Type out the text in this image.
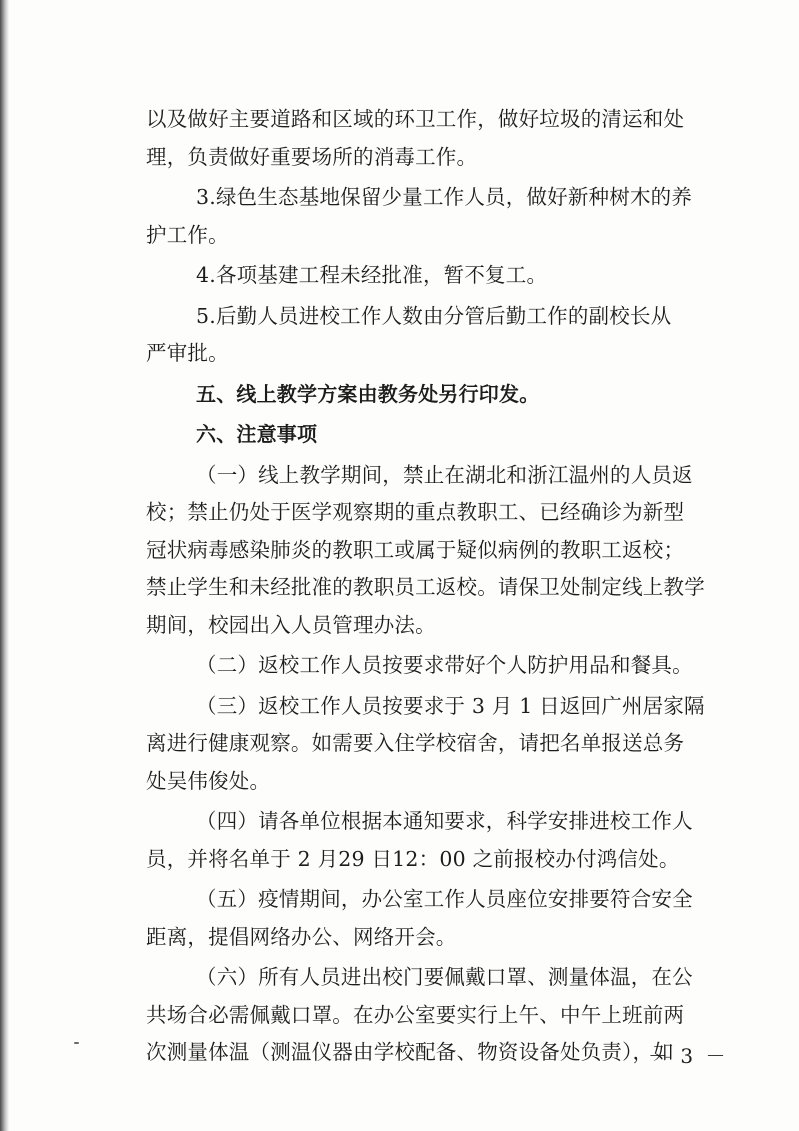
以及做好主要道路和区域的环卫工作，做好垃圾的清运和处
理，负责做好重要场所的消毒工作。
3.绿色生态基地保留少量工作人员，做好新种树木的养
护工作。
4.各项基建工程未经批准，暂不复工。
5.后勤人员进校工作人数由分管后勤工作的副校长从
严审批。
五、线上教学方案由教务处另行印发。
六、注意事项
（一）线上教学期间，禁止在湖北和浙江温州的人员返
校；禁止仍处于医学观察期的重点教职工、已经确诊为新型
冠状病毒感染肺炎的教职工或属于疑似病例的教职工返校；
禁止学生和未经批准的教职员工返校。请保卫处制定线上教学
期间，校园出入人员管理办法。
（二）返校工作人员按要求带好个人防护用品和餐具。
（三）返校工作人员按要求于 3 月 1 日返回广州居家隔
离进行健康观察。如需要入住学校宿舍，请把名单报送总务
处吴伟俊处。
（四）请各单位根据本通知要求，科学安排进校工作人
员，并将名单于 2 月29 日12：00 之前报校办付鸿信处。
（五）疫情期间，办公室工作人员座位安排要符合安全
距离，提倡网络办公、网络开会。
（六）所有人员进出校门要佩戴口罩、测量体温，在公
共场合必需佩戴口罩。在办公室要实行上午、中午上班前两
次测量体温（测温仪器由学校配备、物资设备处负责），如
－ 3 －
